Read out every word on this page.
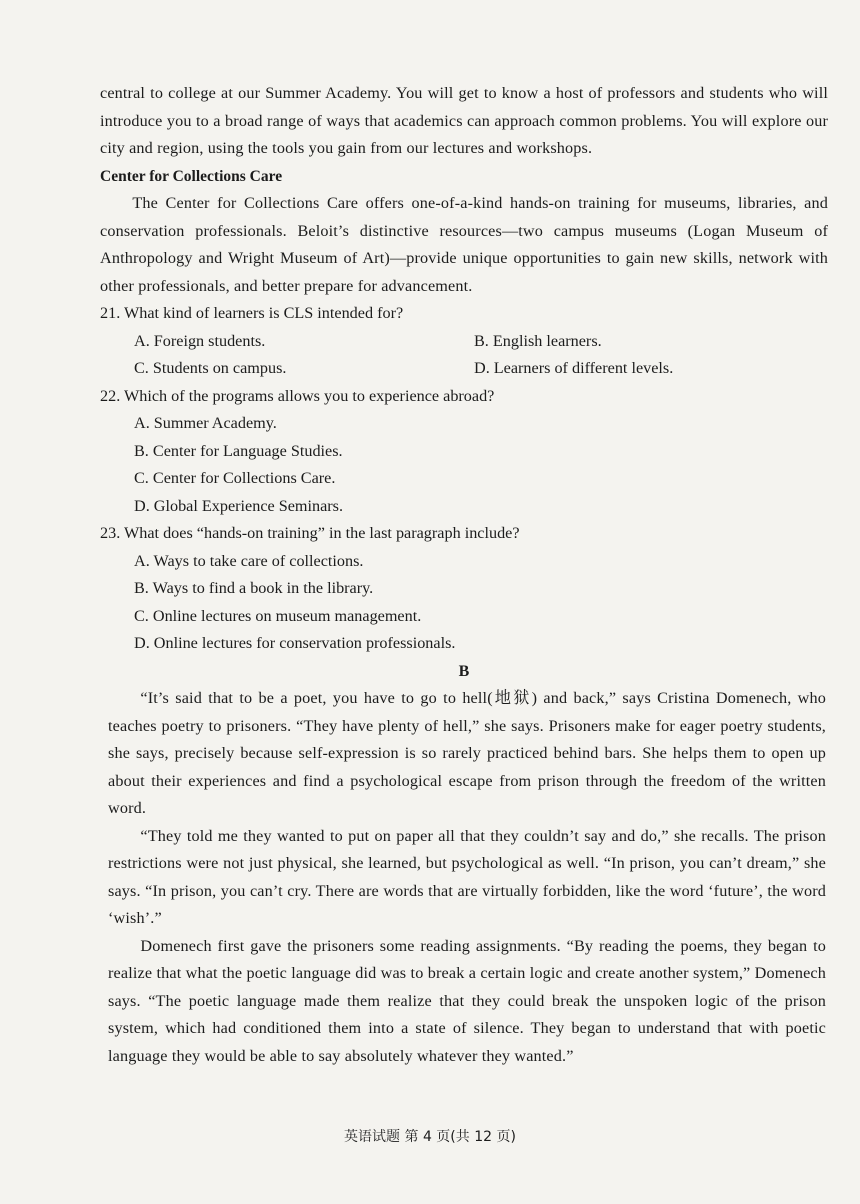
central to college at our Summer Academy. You will get to know a host of professors and students who will introduce you to a broad range of ways that academics can approach common problems. You will explore our city and region, using the tools you gain from our lectures and workshops.

Center for Collections Care

The Center for Collections Care offers one-of-a-kind hands-on training for museums, libraries, and conservation professionals. Beloit’s distinctive resources—two campus museums (Logan Museum of Anthropology and Wright Museum of Art)—provide unique opportunities to gain new skills, network with other professionals, and better prepare for advancement.

21. What kind of learners is CLS intended for?

A. Foreign students.	B. English learners.
C. Students on campus.	D. Learners of different levels.

22. Which of the programs allows you to experience abroad?

A. Summer Academy.
B. Center for Language Studies.
C. Center for Collections Care.
D. Global Experience Seminars.

23. What does “hands-on training” in the last paragraph include?

A. Ways to take care of collections.
B. Ways to find a book in the library.
C. Online lectures on museum management.
D. Online lectures for conservation professionals.

B

“It’s said that to be a poet, you have to go to hell(地狱) and back,” says Cristina Domenech, who teaches poetry to prisoners. “They have plenty of hell,” she says. Prisoners make for eager poetry students, she says, precisely because self-expression is so rarely practiced behind bars. She helps them to open up about their experiences and find a psychological escape from prison through the freedom of the written word.

“They told me they wanted to put on paper all that they couldn’t say and do,” she recalls. The prison restrictions were not just physical, she learned, but psychological as well. “In prison, you can’t dream,” she says. “In prison, you can’t cry. There are words that are virtually forbidden, like the word ‘future’, the word ‘wish’.”

Domenech first gave the prisoners some reading assignments. “By reading the poems, they began to realize that what the poetic language did was to break a certain logic and create another system,” Domenech says. “The poetic language made them realize that they could break the unspoken logic of the prison system, which had conditioned them into a state of silence. They began to understand that with poetic language they would be able to say absolutely whatever they wanted.”

英语试题 第 4 页(共 12 页)
